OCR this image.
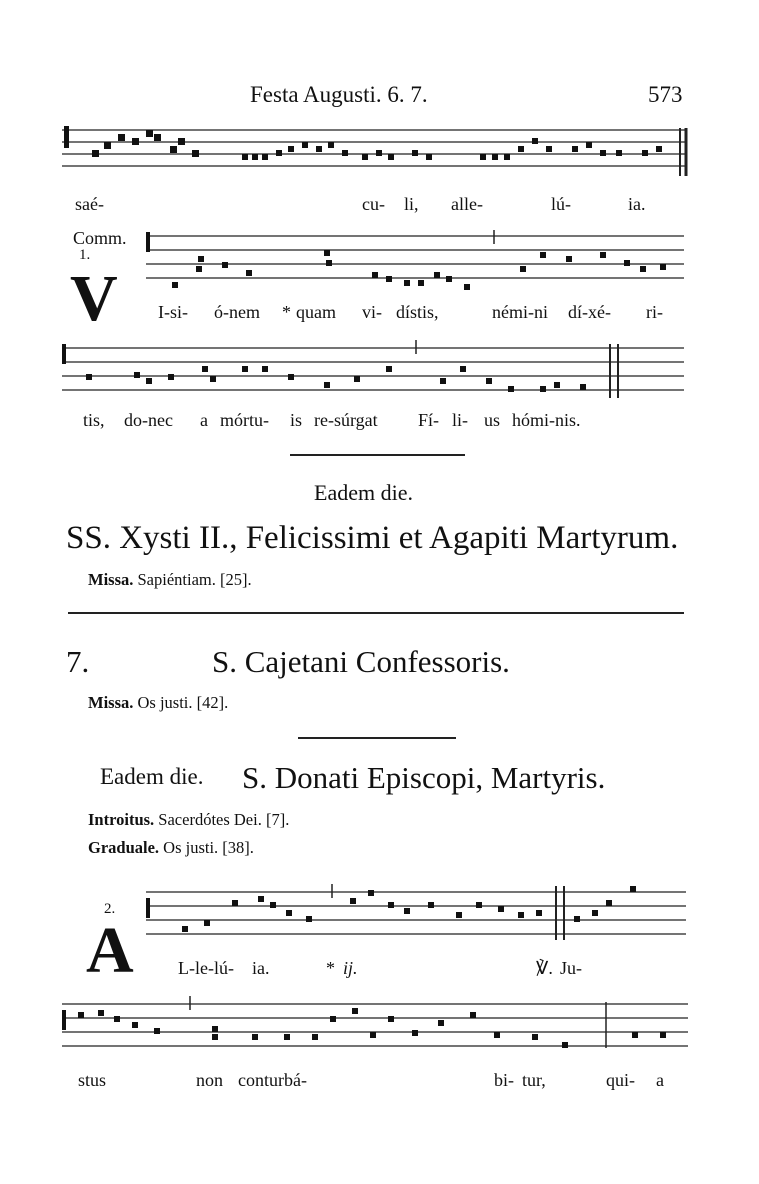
Festa Augusti. 6. 7.	573
saé-	cu- li, alle-	lú-	ia.
Comm.
1.
V I-si- ó-nem * quam vi- dístis,	némi-ni dí-xé- ri-
tis, do-nec a mórtu- is re-súrgat Fí- li- us hómi-nis.
Eadem die.
SS. Xysti II., Felicissimi et Agapiti Martyrum.
Missa. Sapiéntiam. [25].
7.	S. Cajetani Confessoris.
Missa. Os justi. [42].
Eadem die. S. Donati Episcopi, Martyris.
Introitus. Sacerdótes Dei. [7].
Graduale. Os justi. [38].
2.
A L-le-lú- ia.	* ij.	℣. Ju-
stus	non conturbá-	bi- tur,	qui- a
